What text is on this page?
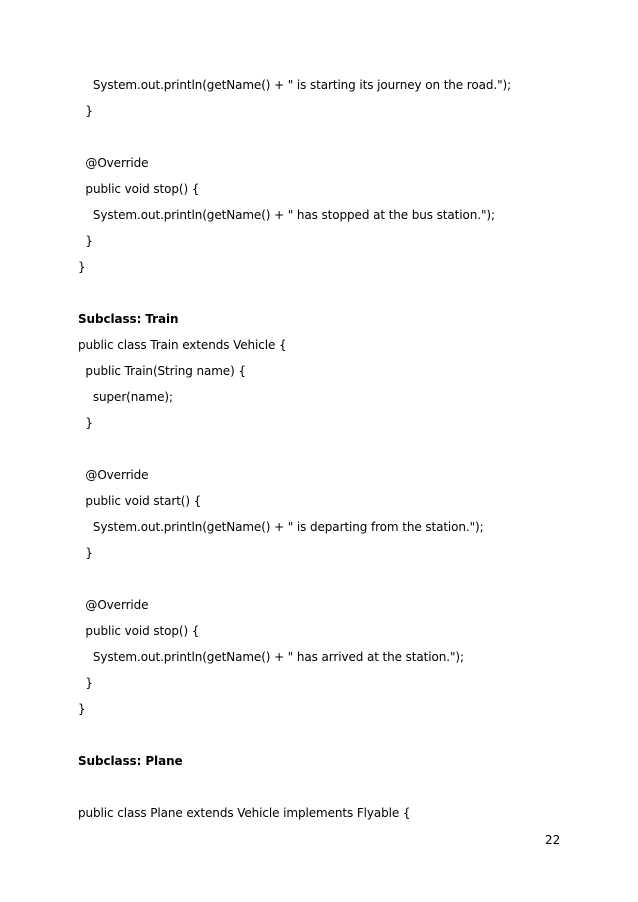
System.out.println(getName() + " is starting its journey on the road.");
}
@Override
public void stop() {
System.out.println(getName() + " has stopped at the bus station.");
}
}
Subclass: Train
public class Train extends Vehicle {
public Train(String name) {
super(name);
}
@Override
public void start() {
System.out.println(getName() + " is departing from the station.");
}
@Override
public void stop() {
System.out.println(getName() + " has arrived at the station.");
}
}
Subclass: Plane
public class Plane extends Vehicle implements Flyable {
22
